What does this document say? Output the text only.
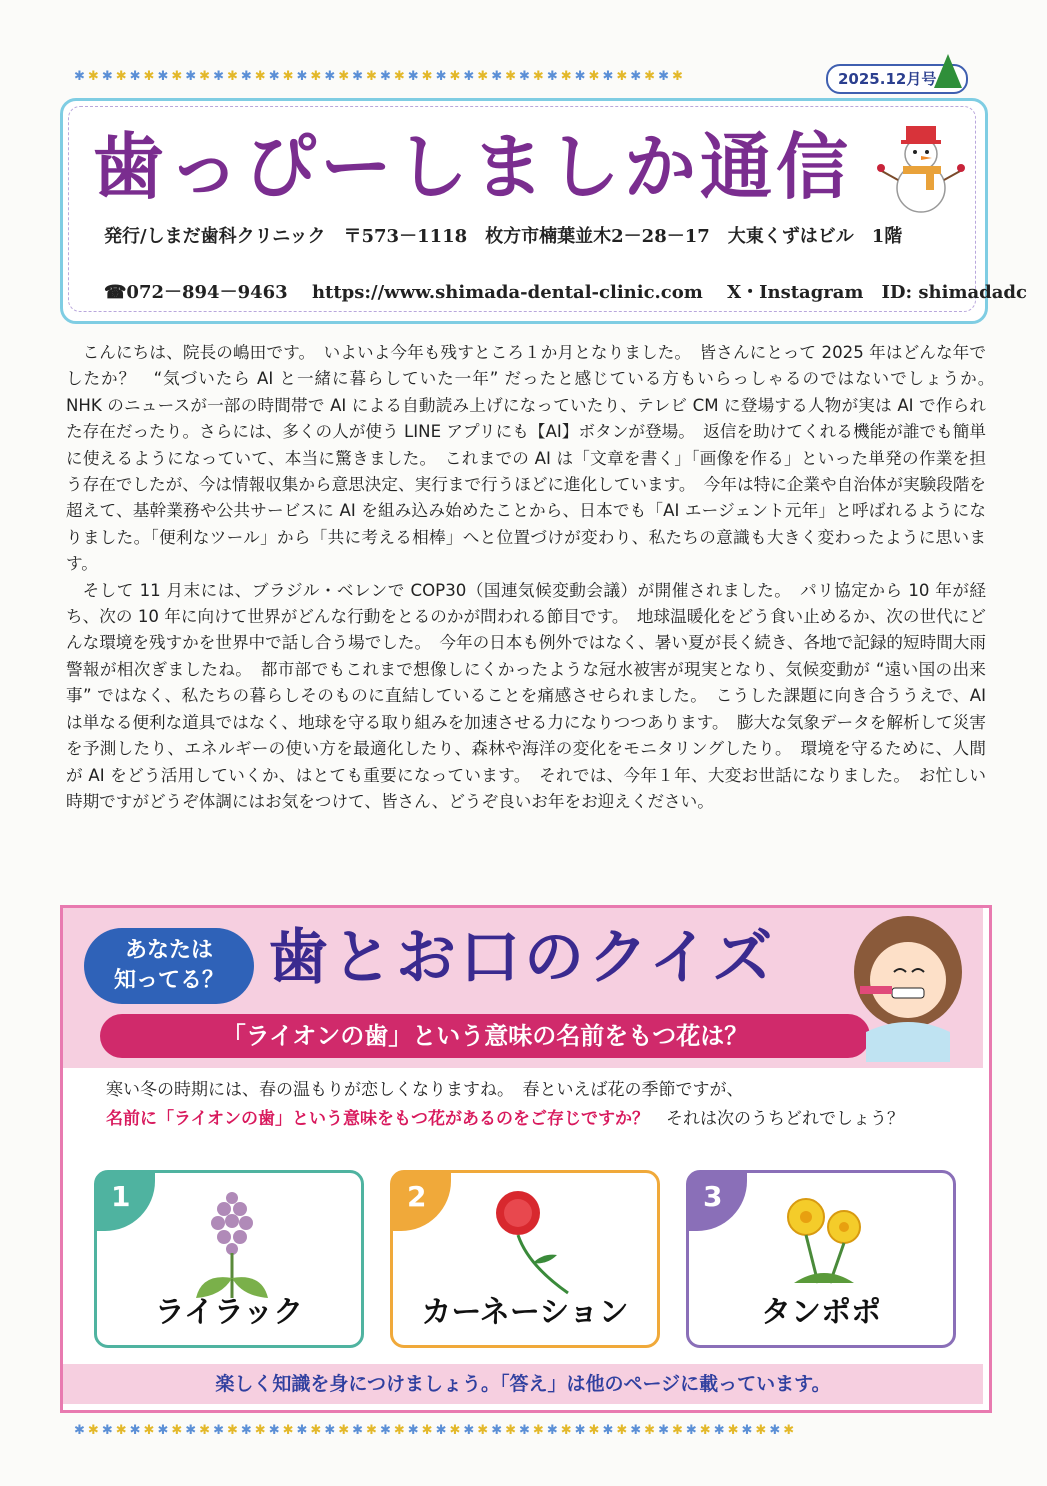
✱✱✱✱✱✱✱✱✱✱✱✱✱✱✱✱✱✱✱✱✱✱✱✱✱✱✱✱✱✱✱✱✱✱✱✱✱✱✱✱✱✱✱✱	2025.12月号
歯っぴーしましか通信
発行/しまだ歯科クリニック　〒573－1118　枚方市楠葉並木2－28－17　大東くずはビル　1階
☎072－894－9463 https://www.shimada-dental-clinic.com X・Instagram　ID: shimadadc

こんにちは、院長の嶋田です。　いよいよ今年も残すところ１か月となりました。　皆さんにとって 2025 年はどんな年でしたか？　“気づいたら AI と一緒に暮らしていた一年” だったと感じている方もいらっしゃるのではないでしょうか。　NHK のニュースが一部の時間帯で AI による自動読み上げになっていたり、テレビ CM に登場する人物が実は AI で作られた存在だったり。さらには、多くの人が使う LINE アプリにも【AI】ボタンが登場。　返信を助けてくれる機能が誰でも簡単に使えるようになっていて、本当に驚きました。　これまでの AI は「文章を書く」「画像を作る」といった単発の作業を担う存在でしたが、今は情報収集から意思決定、実行まで行うほどに進化しています。　今年は特に企業や自治体が実験段階を超えて、基幹業務や公共サービスに AI を組み込み始めたことから、日本でも「AI エージェント元年」と呼ばれるようになりました。「便利なツール」から「共に考える相棒」へと位置づけが変わり、私たちの意識も大きく変わったように思います。

そして 11 月末には、ブラジル・ベレンで COP30（国連気候変動会議）が開催されました。　パリ協定から 10 年が経ち、次の 10 年に向けて世界がどんな行動をとるのかが問われる節目です。　地球温暖化をどう食い止めるか、次の世代にどんな環境を残すかを世界中で話し合う場でした。　今年の日本も例外ではなく、暑い夏が長く続き、各地で記録的短時間大雨警報が相次ぎましたね。　都市部でもこれまで想像しにくかったような冠水被害が現実となり、気候変動が “遠い国の出来事” ではなく、私たちの暮らしそのものに直結していることを痛感させられました。　こうした課題に向き合ううえで、AI は単なる便利な道具ではなく、地球を守る取り組みを加速させる力になりつつあります。　膨大な気象データを解析して災害を予測したり、エネルギーの使い方を最適化したり、森林や海洋の変化をモニタリングしたり。　環境を守るために、人間が AI をどう活用していくか、はとても重要になっています。　それでは、今年１年、大変お世話になりました。　お忙しい時期ですがどうぞ体調にはお気をつけて、皆さん、どうぞ良いお年をお迎えください。

あなたは
知ってる？ 歯とお口のクイズ
「ライオンの歯」という意味の名前をもつ花は？
寒い冬の時期には、春の温もりが恋しくなりますね。　春といえば花の季節ですが、
名前に「ライオンの歯」という意味をもつ花があるのをご存じですか？　それは次のうちどれでしょう？
1
ライラック
2
カーネーション
3
タンポポ
楽しく知識を身につけましょう。「答え」は他のページに載っています。
✱✱✱✱✱✱✱✱✱✱✱✱✱✱✱✱✱✱✱✱✱✱✱✱✱✱✱✱✱✱✱✱✱✱✱✱✱✱✱✱✱✱✱✱✱✱✱✱✱✱✱✱
